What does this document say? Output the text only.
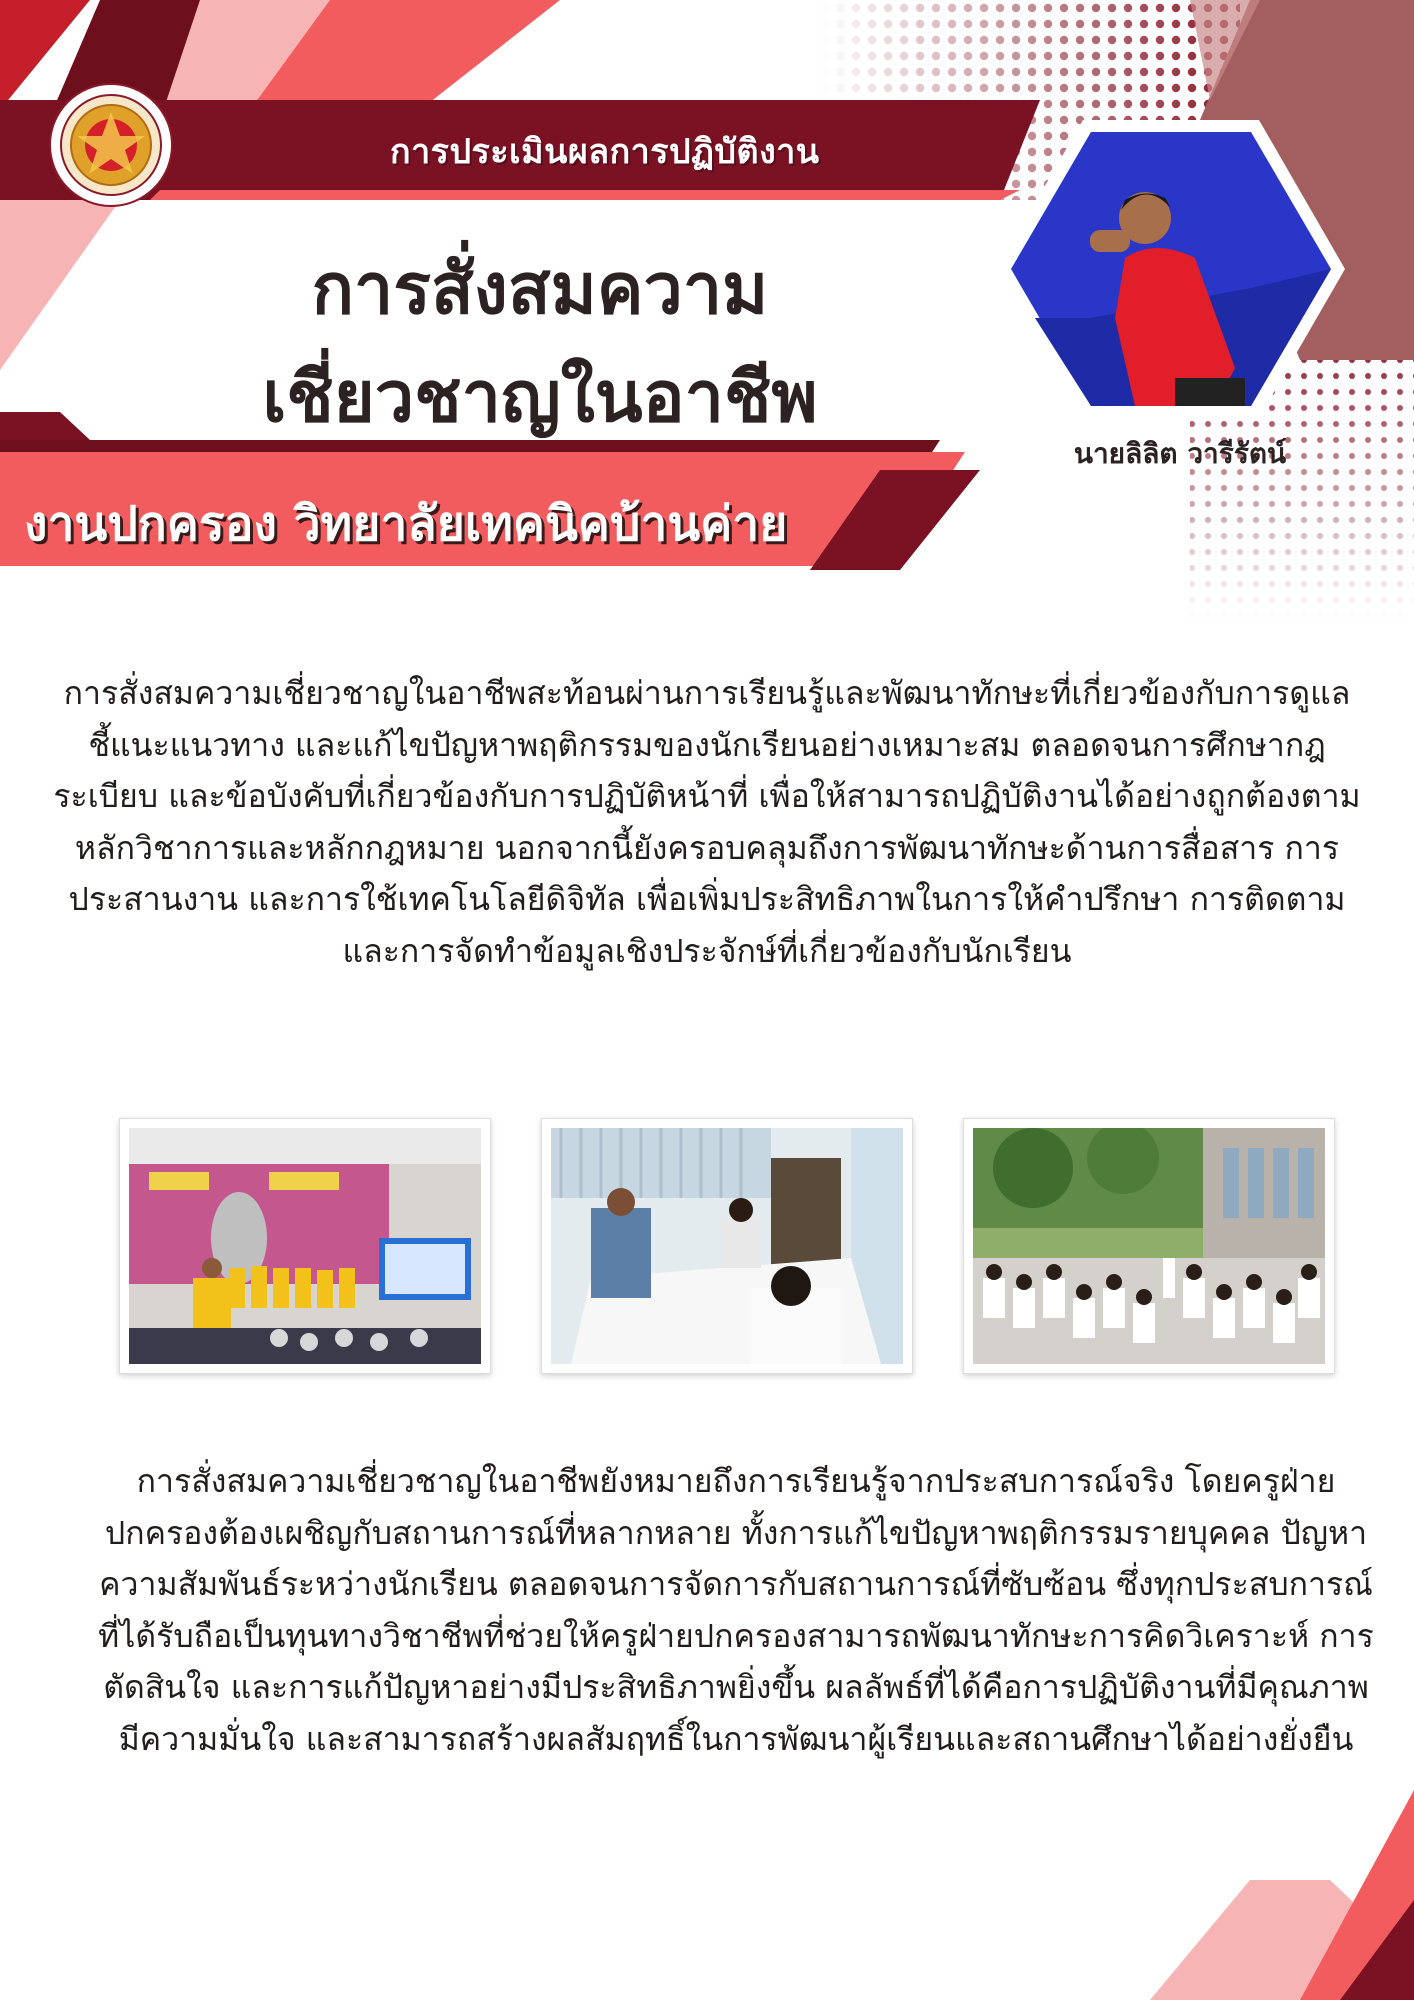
การประเมินผลการปฏิบัติงาน
การสั่งสมความ
เชี่ยวชาญในอาชีพ
งานปกครอง วิทยาลัยเทคนิคบ้านค่าย
นายลิลิต วารีรัตน์

การสั่งสมความเชี่ยวชาญในอาชีพสะท้อนผ่านการเรียนรู้และพัฒนาทักษะที่เกี่ยวข้องกับการดูแล ชี้แนะแนวทาง และแก้ไขปัญหาพฤติกรรมของนักเรียนอย่างเหมาะสม ตลอดจนการศึกษากฎ ระเบียบ และข้อบังคับที่เกี่ยวข้องกับการปฏิบัติหน้าที่ เพื่อให้สามารถปฏิบัติงานได้อย่างถูกต้องตามหลักวิชาการและหลักกฎหมาย นอกจากนี้ยังครอบคลุมถึงการพัฒนาทักษะด้านการสื่อสาร การประสานงาน และการใช้เทคโนโลยีดิจิทัล เพื่อเพิ่มประสิทธิภาพในการให้คำปรึกษา การติดตาม และการจัดทำข้อมูลเชิงประจักษ์ที่เกี่ยวข้องกับนักเรียน

การสั่งสมความเชี่ยวชาญในอาชีพยังหมายถึงการเรียนรู้จากประสบการณ์จริง โดยครูฝ่ายปกครองต้องเผชิญกับสถานการณ์ที่หลากหลาย ทั้งการแก้ไขปัญหาพฤติกรรมรายบุคคล ปัญหาความสัมพันธ์ระหว่างนักเรียน ตลอดจนการจัดการกับสถานการณ์ที่ซับซ้อน ซึ่งทุกประสบการณ์ที่ได้รับถือเป็นทุนทางวิชาชีพที่ช่วยให้ครูฝ่ายปกครองสามารถพัฒนาทักษะการคิดวิเคราะห์ การตัดสินใจ และการแก้ปัญหาอย่างมีประสิทธิภาพยิ่งขึ้น ผลลัพธ์ที่ได้คือการปฏิบัติงานที่มีคุณภาพ มีความมั่นใจ และสามารถสร้างผลสัมฤทธิ์ในการพัฒนาผู้เรียนและสถานศึกษาได้อย่างยั่งยืน
